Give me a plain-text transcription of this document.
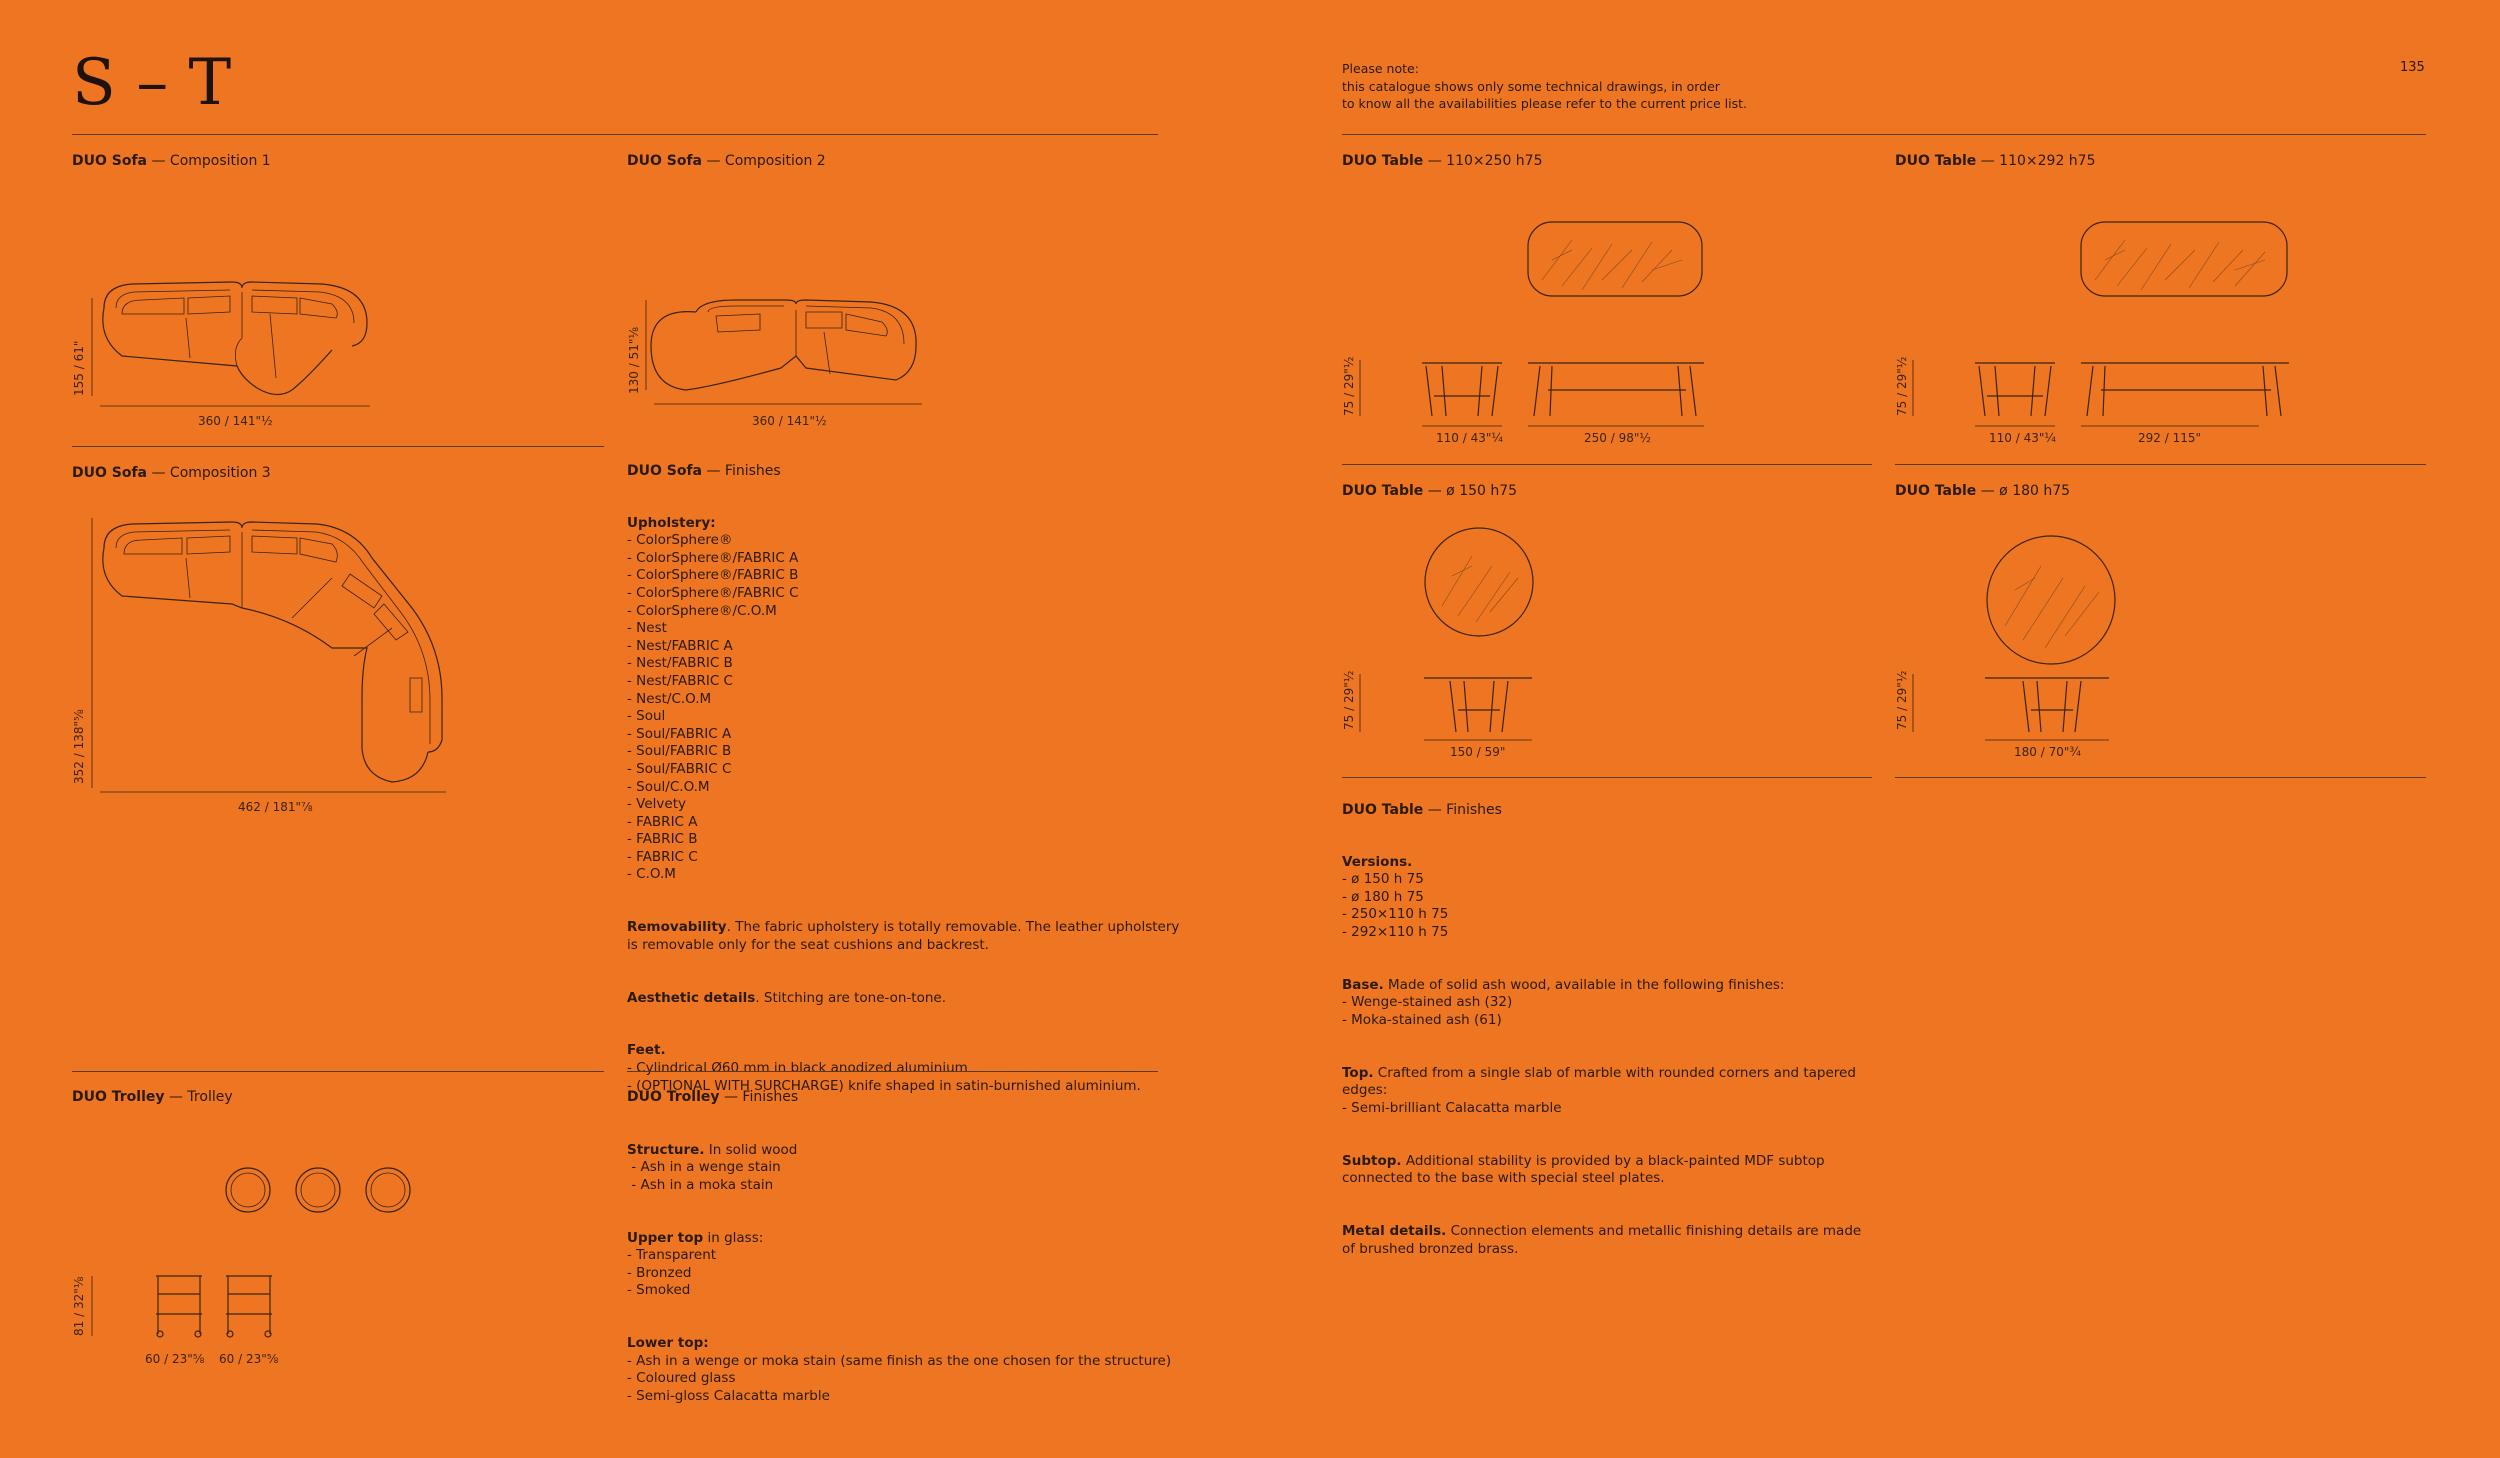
S – T	Please note:
this catalogue shows only some technical drawings, in order
to know all the availabilities please refer to the current price list.
135
DUO Sofa — Composition 1
155 / 61"
360 / 141"½
DUO Sofa — Composition 2
130 / 51"⅛
360 / 141"½
DUO Sofa — Composition 3
352 / 138"⅝
462 / 181"⅞
DUO Sofa — Finishes

Upholstery:

- ColorSphere®
- ColorSphere®/FABRIC A
- ColorSphere®/FABRIC B
- ColorSphere®/FABRIC C
- ColorSphere®/C.O.M
- Nest
- Nest/FABRIC A
- Nest/FABRIC B
- Nest/FABRIC C
- Nest/C.O.M
- Soul
- Soul/FABRIC A
- Soul/FABRIC B
- Soul/FABRIC C
- Soul/C.O.M
- Velvety
- FABRIC A
- FABRIC B
- FABRIC C
- C.O.M

Removability. The fabric upholstery is totally removable. The leather upholstery
is removable only for the seat cushions and backrest.

Aesthetic details. Stitching are tone-on-tone.

Feet.
- Cylindrical Ø60 mm in black anodized aluminium
- (OPTIONAL WITH SURCHARGE) knife shaped in satin-burnished aluminium.

DUO Trolley — Trolley
81 / 32"⅛
60 / 23"⅝ 60 / 23"⅝
DUO Trolley — Finishes

Structure. In solid wood
- Ash in a wenge stain
- Ash in a moka stain

Upper top in glass:
- Transparent
- Bronzed
- Smoked

Lower top:
- Ash in a wenge or moka stain (same finish as the one chosen for the structure)
- Coloured glass
- Semi-gloss Calacatta marble

DUO Table — 110×250 h75
75 / 29"½
110 / 43"¼	250 / 98"½
DUO Table — 110×292 h75
75 / 29"½
110 / 43"¼	292 / 115"
DUO Table — ø 150 h75
75 / 29"½
150 / 59"
DUO Table — ø 180 h75
75 / 29"½
180 / 70"¾
DUO Table — Finishes

Versions.
- ø 150 h 75
- ø 180 h 75
- 250×110 h 75
- 292×110 h 75

Base. Made of solid ash wood, available in the following finishes:
- Wenge-stained ash (32)
- Moka-stained ash (61)

Top. Crafted from a single slab of marble with rounded corners and tapered
edges:
- Semi-brilliant Calacatta marble

Subtop. Additional stability is provided by a black-painted MDF subtop
connected to the base with special steel plates.

Metal details. Connection elements and metallic finishing details are made
of brushed bronzed brass.
